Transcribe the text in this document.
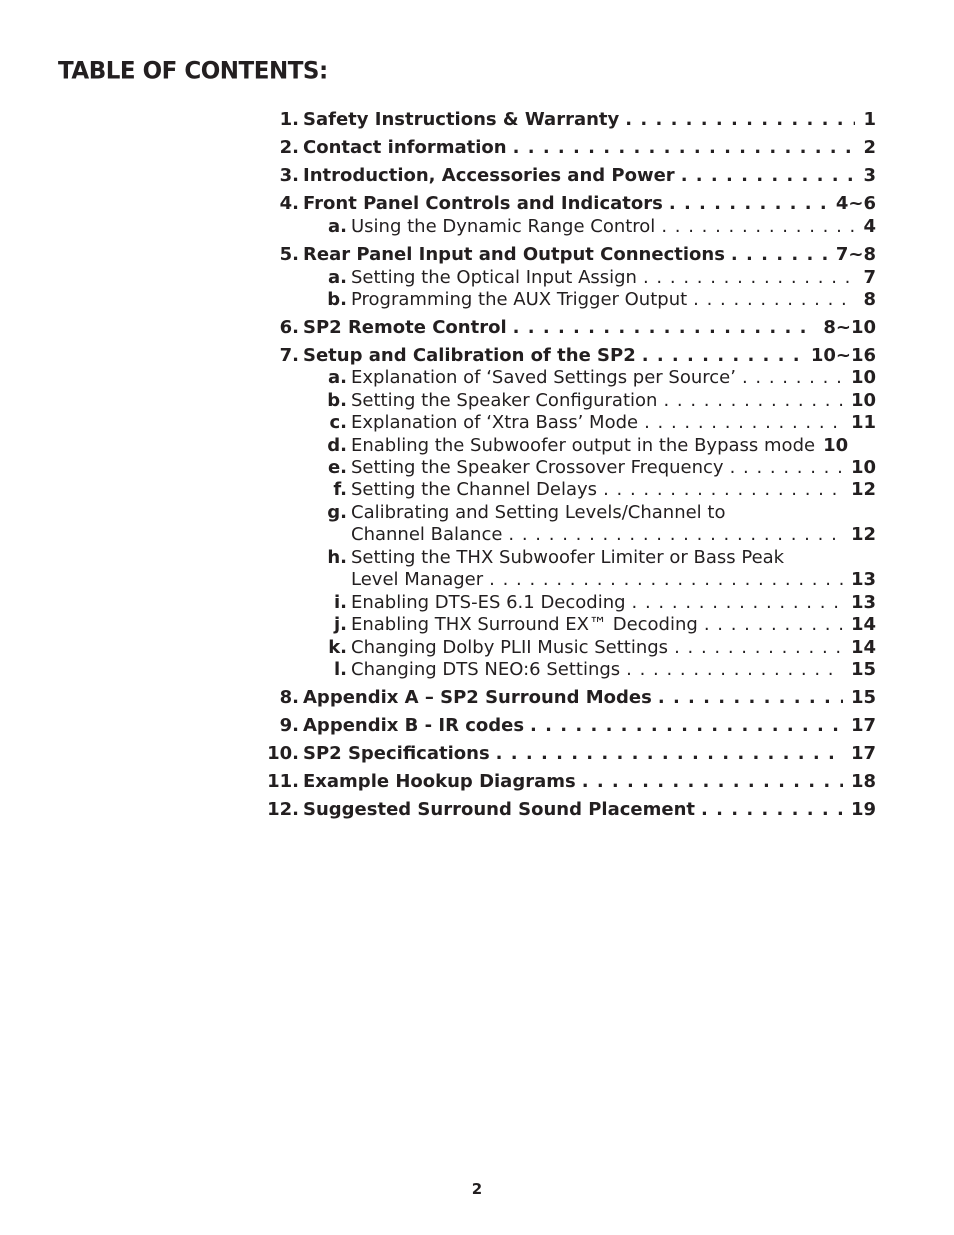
TABLE OF CONTENTS:
1. Safety Instructions & Warranty . . .	1
2. Contact information . . .	2
3. Introduction, Accessories and Power . . .	3
4. Front Panel Controls and Indicators . . .	4~6
a. Using the Dynamic Range Control . . .	4
5. Rear Panel Input and Output Connections . . .	7~8
a. Setting the Optical Input Assign . . .	7
b. Programming the AUX Trigger Output . . .	8
6. SP2 Remote Control . . .	8~10
7. Setup and Calibration of the SP2 . . .	10~16
a. Explanation of ‘Saved Settings per Source’ . . .	10
b. Setting the Speaker Configuration . . .	10
c. Explanation of ‘Xtra Bass’ Mode . . .	11
d. Enabling the Subwoofer output in the Bypass mode 10
e. Setting the Speaker Crossover Frequency . . .	10
f. Setting the Channel Delays . . .	12
g. Calibrating and Setting Levels/Channel to
Channel Balance . . .	12
h. Setting the THX Subwoofer Limiter or Bass Peak
Level Manager . . .	13
i. Enabling DTS-ES 6.1 Decoding . . .	13
j. Enabling THX Surround EX™ Decoding . . .	14
k. Changing Dolby PLII Music Settings . . .	14
l. Changing DTS NEO:6 Settings . . .	15
8. Appendix A – SP2 Surround Modes . . .	15
9. Appendix B - IR codes . . .	17
10. SP2 Specifications . . .	17
11. Example Hookup Diagrams . . .	18
12. Suggested Surround Sound Placement . . .	19
2
